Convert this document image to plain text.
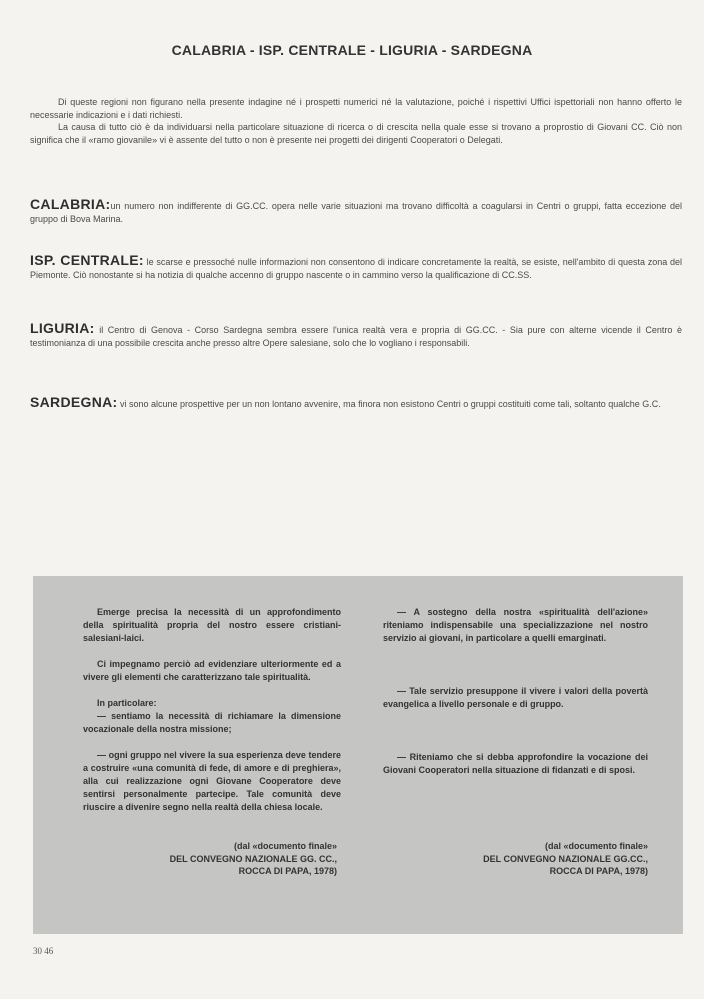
CALABRIA - ISP. CENTRALE - LIGURIA - SARDEGNA

Di queste regioni non figurano nella presente indagine né i prospetti numerici né la valutazione, poiché i rispettivi Uffici ispettoriali non hanno offerto le necessarie indicazioni e i dati richiesti.

La causa di tutto ciò è da individuarsi nella particolare situazione di ricerca o di crescita nella quale esse si trovano a proprostio di Giovani CC. Ciò non significa che il «ramo giovanile» vi è assente del tutto o non è presente nei progetti dei dirigenti Cooperatori o Delegati.

CALABRIA:un numero non indifferente di GG.CC. opera nelle varie situazioni ma trovano difficoltà a coagularsi in Centri o gruppi, fatta eccezione del gruppo di Bova Marina.
ISP. CENTRALE: le scarse e pressoché nulle informazioni non consentono di indicare concretamente la realtà, se esiste, nell'ambito di questa zona del Piemonte. Ciò nonostante si ha notizia di qualche accenno di gruppo nascente o in cammino verso la qualificazione di CC.SS.
LIGURIA: il Centro di Genova - Corso Sardegna sembra essere l'unica realtà vera e propria di GG.CC. - Sia pure con alterne vicende il Centro è testimonianza di una possibile crescita anche presso altre Opere salesiane, solo che lo vogliano i responsabili.
SARDEGNA: vi sono alcune prospettive per un non lontano avvenire, ma finora non esistono Centri o gruppi costituiti come tali, soltanto qualche G.C.

Emerge precisa la necessità di un approfondimento della spiritualità propria del nostro essere cristiani-salesiani-laici.

Ci impegnamo perciò ad evidenziare ulteriormente ed a vivere gli elementi che caratterizzano tale spiritualità.

In particolare:

— sentiamo la necessità di richiamare la dimensione vocazionale della nostra missione;

— ogni gruppo nel vivere la sua esperienza deve tendere a costruire «una comunità di fede, di amore e di preghiera», alla cui realizzazione ogni Giovane Cooperatore deve sentirsi personalmente partecipe. Tale comunità deve riuscire a divenire segno nella realtà della chiesa locale.

— A sostegno della nostra «spiritualità dell'azione» riteniamo indispensabile una specializzazione nel nostro servizio ai giovani, in particolare a quelli emarginati.

— Tale servizio presuppone il vivere i valori della povertà evangelica a livello personale e di gruppo.

— Riteniamo che si debba approfondire la vocazione dei Giovani Cooperatori nella situazione di fidanzati e di sposi.

(dal «documento finale»
DEL CONVEGNO NAZIONALE GG. CC.,
ROCCA DI PAPA, 1978)
(dal «documento finale»
DEL CONVEGNO NAZIONALE GG.CC.,
ROCCA DI PAPA, 1978)
30 46
